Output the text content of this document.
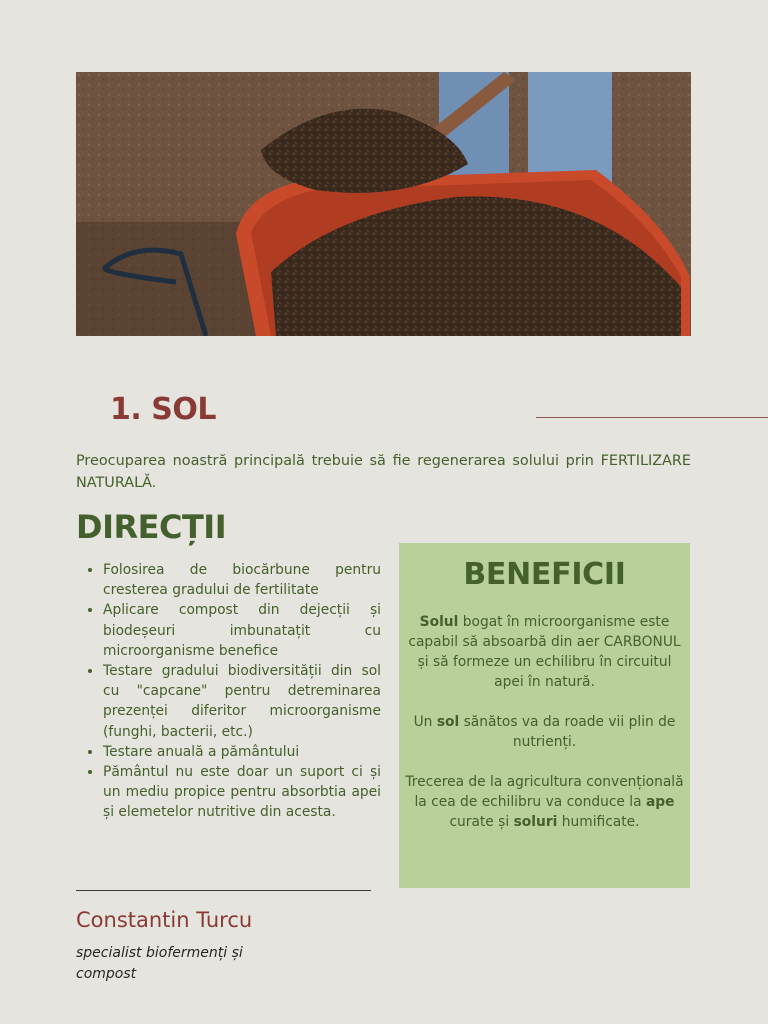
1. SOL

Preocuparea noastră principală trebuie să fie regenerarea solului prin FERTILIZARE NATURALĂ.

DIRECȚII
• Folosirea de biocărbune pentru cresterea gradului de fertilitate
• Aplicare compost din dejecții și biodeșeuri imbunatațit cu microorganisme benefice
• Testare gradului biodiversității din sol cu "capcane" pentru detreminarea prezenței diferitor microorganisme (funghi, bacterii, etc.)
• Testare anuală a pământului
• Pământul nu este doar un suport ci și un mediu propice pentru absorbtia apei și elemetelor nutritive din acesta.
BENEFICII

Solul bogat în microorganisme este capabil să absoarbă din aer CARBONUL și să formeze un echilibru în circuitul apei în natură.

Un sol sănătos va da roade vii plin de nutrienți.

Trecerea de la agricultura convențională la cea de echilibru va conduce la ape curate și soluri humificate.

Constantin Turcu

specialist biofermenți și compost
